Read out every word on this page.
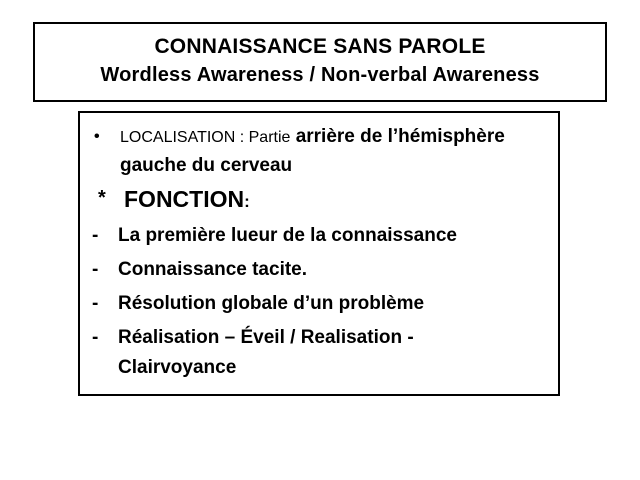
CONNAISSANCE SANS PAROLE
Wordless Awareness / Non-verbal Awareness
•	LOCALISATION : Partie arrière de l’hémisphère gauche du cerveau
* FONCTION:
-	La première lueur de la connaissance
-	Connaissance tacite.
-	Résolution globale d’un problème
-	Réalisation – Éveil / Realisation -
Clairvoyance
